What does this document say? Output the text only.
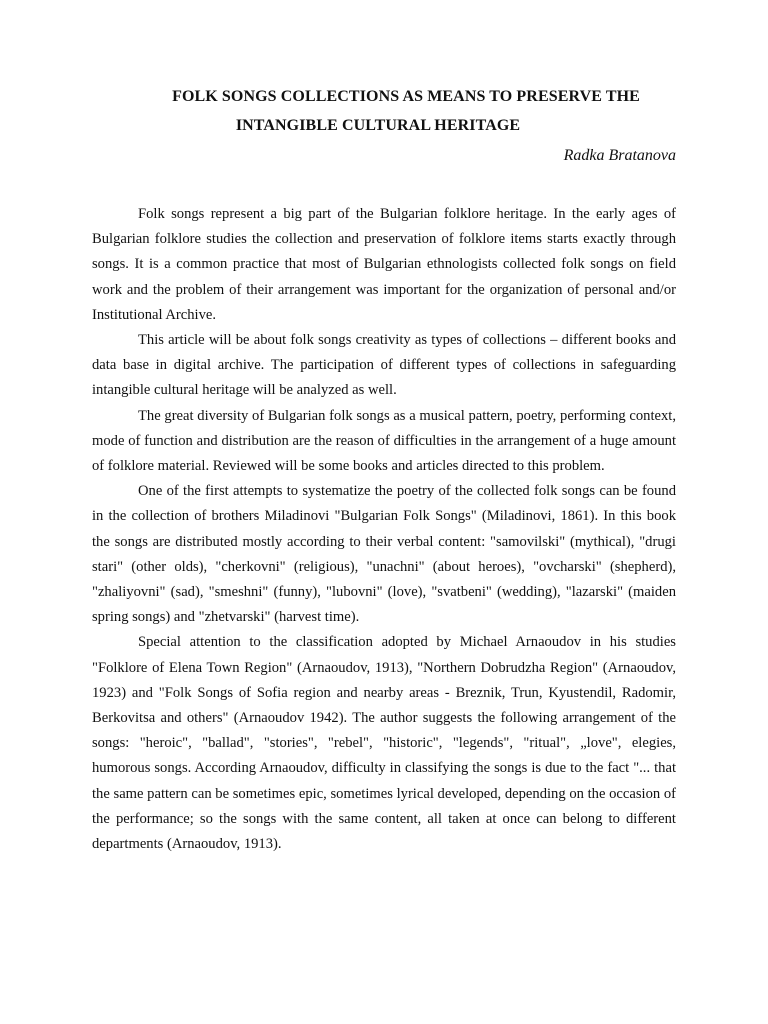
FOLK SONGS COLLECTIONS AS MEANS TO PRESERVE THE
INTANGIBLE CULTURAL HERITAGE

Radka Bratanova

Folk songs represent a big part of the Bulgarian folklore heritage. In the early ages of Bulgarian folklore studies the collection and preservation of folklore items starts exactly through songs. It is a common practice that most of Bulgarian ethnologists collected folk songs on field work and the problem of their arrangement was important for the organization of personal and/or Institutional Archive.

This article will be about folk songs creativity as types of collections – different books and data base in digital archive. The participation of different types of collections in safeguarding intangible cultural heritage will be analyzed as well.

The great diversity of Bulgarian folk songs as a musical pattern, poetry, performing context, mode of function and distribution are the reason of difficulties in the arrangement of a huge amount of folklore material. Reviewed will be some books and articles directed to this problem.

One of the first attempts to systematize the poetry of the collected folk songs can be found in the collection of brothers Miladinovi "Bulgarian Folk Songs" (Miladinovi, 1861). In this book the songs are distributed mostly according to their verbal content: "samovilski" (mythical), "drugi stari" (other olds), "cherkovni" (religious), "unachni" (about heroes), "ovcharski" (shepherd), "zhaliyovni" (sad), "smeshni" (funny), "lubovni" (love), "svatbeni" (wedding), "lazarski" (maiden spring songs) and "zhetvarski" (harvest time).

Special attention to the classification adopted by Michael Arnaoudov in his studies "Folklore of Elena Town Region" (Arnaoudov, 1913), "Northern Dobrudzha Region" (Arnaoudov, 1923) and "Folk Songs of Sofia region and nearby areas - Breznik, Trun, Kyustendil, Radomir, Berkovitsa and others" (Arnaoudov 1942). The author suggests the following arrangement of the songs: "heroic", "ballad", "stories", "rebel", "historic", "legends", "ritual", „love", elegies, humorous songs. According Arnaoudov, difficulty in classifying the songs is due to the fact "... that the same pattern can be sometimes epic, sometimes lyrical developed, depending on the occasion of the performance; so the songs with the same content, all taken at once can belong to different departments (Arnaoudov, 1913).
